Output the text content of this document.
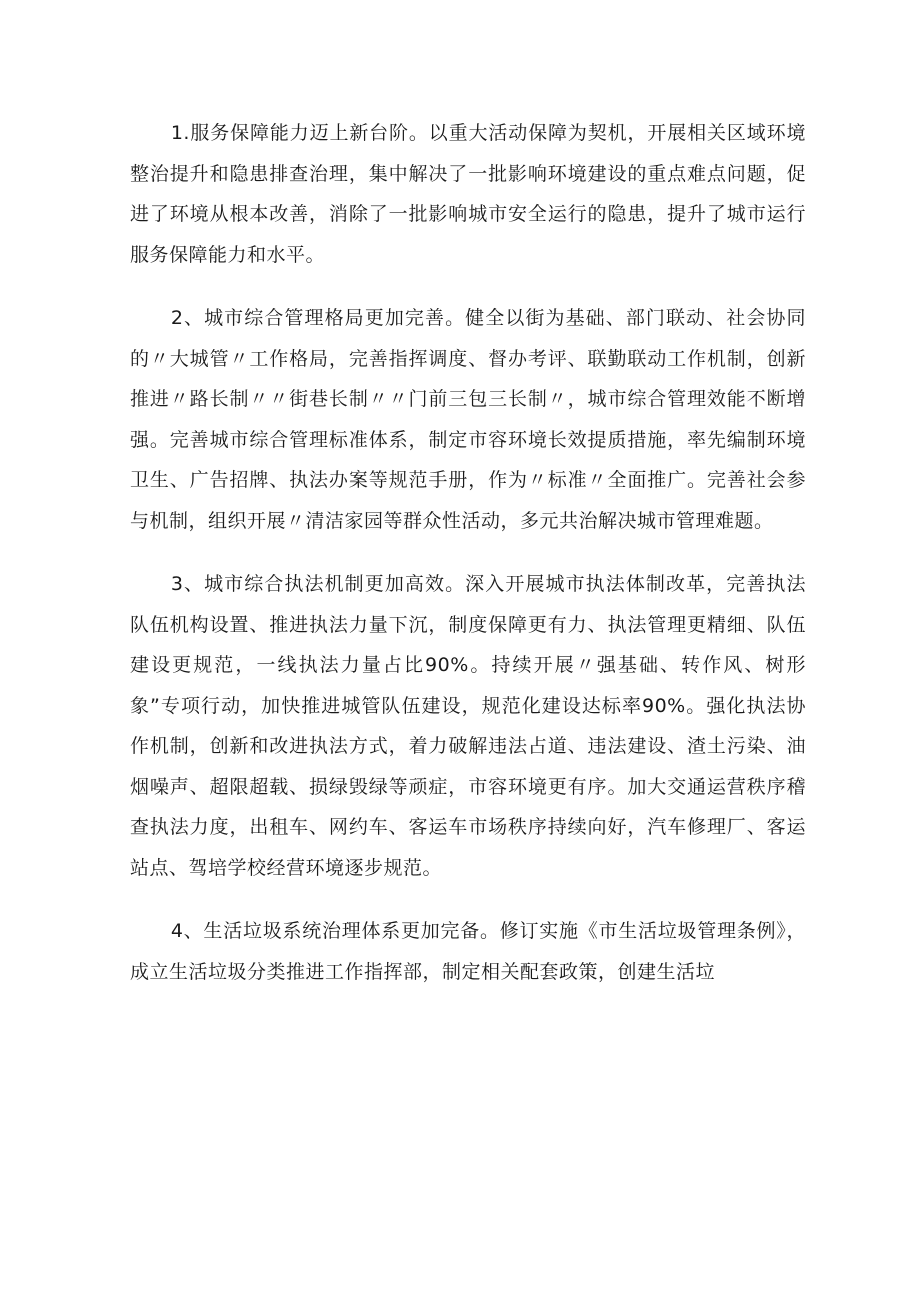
1.服务保障能力迈上新台阶。以重大活动保障为契机，开展相关区域环境整治提升和隐患排查治理，集中解决了一批影响环境建设的重点难点问题，促进了环境从根本改善，消除了一批影响城市安全运行的隐患，提升了城市运行服务保障能力和水平。

2、城市综合管理格局更加完善。健全以街为基础、部门联动、社会协同的〃大城管〃工作格局，完善指挥调度、督办考评、联勤联动工作机制，创新推进〃路长制〃〃街巷长制〃〃门前三包三长制〃，城市综合管理效能不断增强。完善城市综合管理标准体系，制定市容环境长效提质措施，率先编制环境卫生、广告招牌、执法办案等规范手册，作为〃标准〃全面推广。完善社会参与机制，组织开展〃清洁家园等群众性活动，多元共治解决城市管理难题。

3、城市综合执法机制更加高效。深入开展城市执法体制改革，完善执法队伍机构设置、推进执法力量下沉，制度保障更有力、执法管理更精细、队伍建设更规范，一线执法力量占比90%。持续开展〃强基础、转作风、树形象”专项行动，加快推进城管队伍建设，规范化建设达标率90%。强化执法协作机制，创新和改进执法方式，着力破解违法占道、违法建设、渣土污染、油烟噪声、超限超载、损绿毁绿等顽症，市容环境更有序。加大交通运营秩序稽查执法力度，出租车、网约车、客运车市场秩序持续向好，汽车修理厂、客运站点、驾培学校经营环境逐步规范。

4、生活垃圾系统治理体系更加完备。修订实施《市生活垃圾管理条例》，成立生活垃圾分类推进工作指挥部，制定相关配套政策，创建生活垃
